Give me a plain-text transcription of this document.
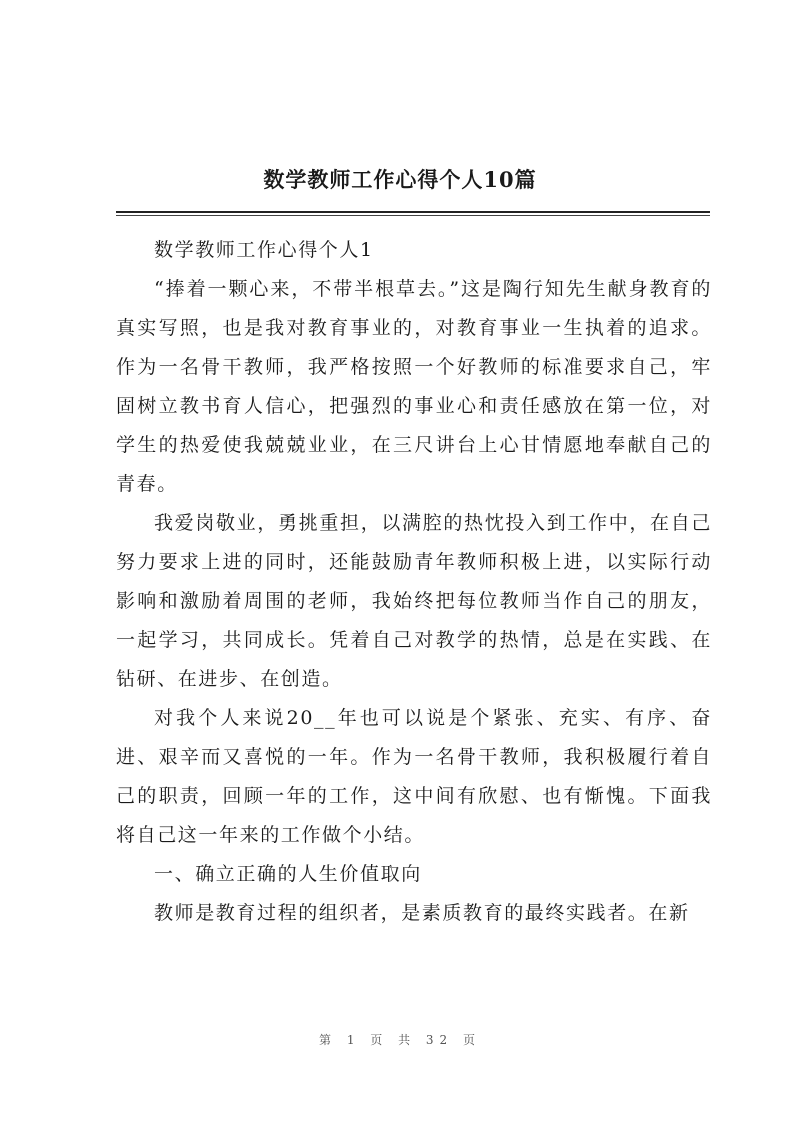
数学教师工作心得个人10篇

数学教师工作心得个人1

“捧着一颗心来，不带半根草去。”这是陶行知先生献身教育的真实写照，也是我对教育事业的，对教育事业一生执着的追求。作为一名骨干教师，我严格按照一个好教师的标准要求自己，牢固树立教书育人信心，把强烈的事业心和责任感放在第一位，对学生的热爱使我兢兢业业，在三尺讲台上心甘情愿地奉献自己的青春。

我爱岗敬业，勇挑重担，以满腔的热忱投入到工作中，在自己努力要求上进的同时，还能鼓励青年教师积极上进，以实际行动影响和激励着周围的老师，我始终把每位教师当作自己的朋友，一起学习，共同成长。凭着自己对教学的热情，总是在实践、在钻研、在进步、在创造。

对我个人来说20__年也可以说是个紧张、充实、有序、奋进、艰辛而又喜悦的一年。作为一名骨干教师，我积极履行着自己的职责，回顾一年的工作，这中间有欣慰、也有惭愧。下面我将自己这一年来的工作做个小结。

一、确立正确的人生价值取向

教师是教育过程的组织者，是素质教育的最终实践者。在新

第 1 页 共 32 页
